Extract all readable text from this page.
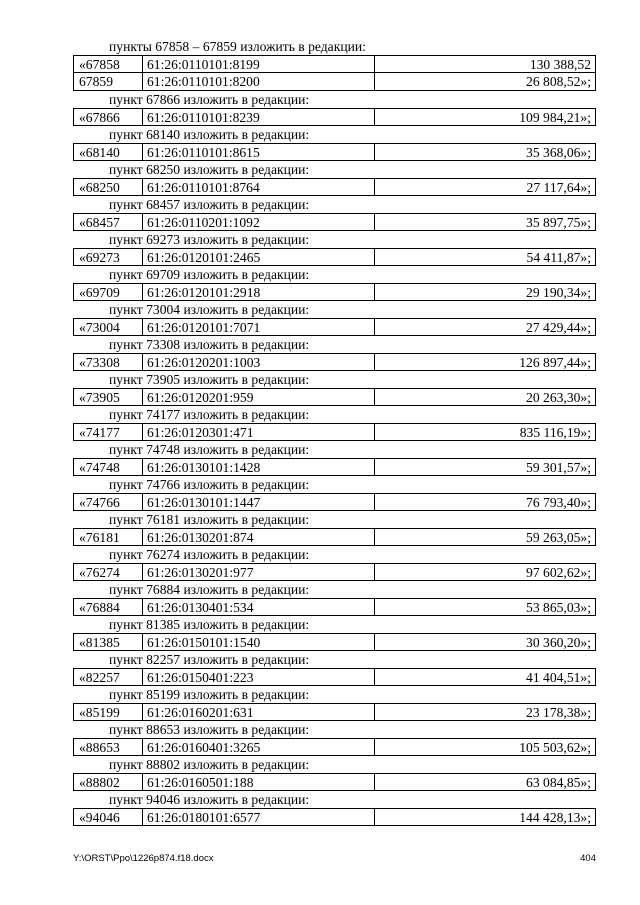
пункты 67858 – 67859 изложить в редакции:
«67858	61:26:0110101:8199	130 388,52
67859	61:26:0110101:8200	26 808,52»;
пункт 67866 изложить в редакции:
«67866	61:26:0110101:8239	109 984,21»;
пункт 68140 изложить в редакции:
«68140	61:26:0110101:8615	35 368,06»;
пункт 68250 изложить в редакции:
«68250	61:26:0110101:8764	27 117,64»;
пункт 68457 изложить в редакции:
«68457	61:26:0110201:1092	35 897,75»;
пункт 69273 изложить в редакции:
«69273	61:26:0120101:2465	54 411,87»;
пункт 69709 изложить в редакции:
«69709	61:26:0120101:2918	29 190,34»;
пункт 73004 изложить в редакции:
«73004	61:26:0120101:7071	27 429,44»;
пункт 73308 изложить в редакции:
«73308	61:26:0120201:1003	126 897,44»;
пункт 73905 изложить в редакции:
«73905	61:26:0120201:959	20 263,30»;
пункт 74177 изложить в редакции:
«74177	61:26:0120301:471	835 116,19»;
пункт 74748 изложить в редакции:
«74748	61:26:0130101:1428	59 301,57»;
пункт 74766 изложить в редакции:
«74766	61:26:0130101:1447	76 793,40»;
пункт 76181 изложить в редакции:
«76181	61:26:0130201:874	59 263,05»;
пункт 76274 изложить в редакции:
«76274	61:26:0130201:977	97 602,62»;
пункт 76884 изложить в редакции:
«76884	61:26:0130401:534	53 865,03»;
пункт 81385 изложить в редакции:
«81385	61:26:0150101:1540	30 360,20»;
пункт 82257 изложить в редакции:
«82257	61:26:0150401:223	41 404,51»;
пункт 85199 изложить в редакции:
«85199	61:26:0160201:631	23 178,38»;
пункт 88653 изложить в редакции:
«88653	61:26:0160401:3265	105 503,62»;
пункт 88802 изложить в редакции:
«88802	61:26:0160501:188	63 084,85»;
пункт 94046 изложить в редакции:
«94046	61:26:0180101:6577	144 428,13»;
Y:\ORST\Ppo\1226p874.f18.docx	404
